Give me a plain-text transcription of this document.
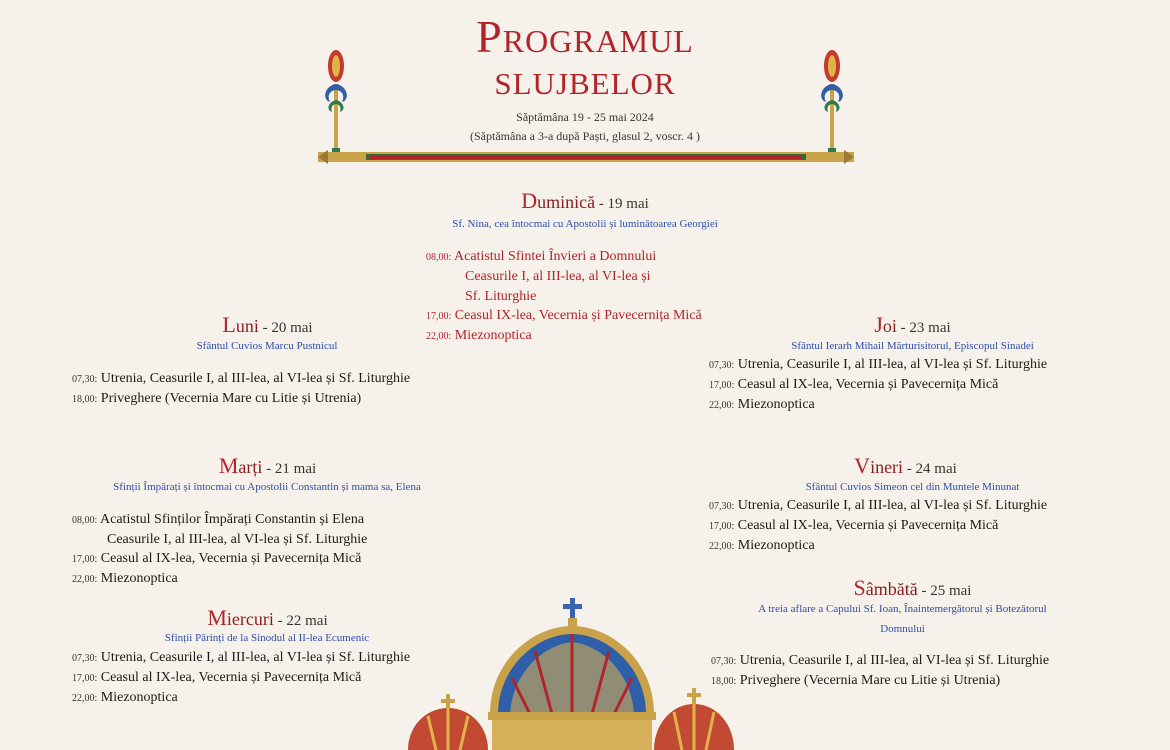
Programul
slujbelor
Săptămâna 19 - 25 mai 2024
(Săptămâna a 3-a după Paști, glasul 2, voscr. 4 )
Duminică - 19 mai
Sf. Nina, cea întocmai cu Apostolii și luminătoarea Georgiei
08,00: Acatistul Sfintei Învieri a Domnului
Ceasurile I, al III-lea, al VI-lea și
Sf. Liturghie
17,00: Ceasul IX-lea, Vecernia și Pavecernița Mică
22,00: Miezonoptica
Luni - 20 mai
Sfântul Cuvios Marcu Pustnicul
07,30: Utrenia, Ceasurile I, al III-lea, al VI-lea și Sf. Liturghie
18,00: Priveghere (Vecernia Mare cu Litie și Utrenia)
Marți - 21 mai
Sfinții Împărați și întocmai cu Apostolii Constantin și mama sa, Elena
08,00: Acatistul Sfinților Împărați Constantin și Elena
Ceasurile I, al III-lea, al VI-lea și Sf. Liturghie
17,00: Ceasul al IX-lea, Vecernia și Pavecernița Mică
22,00: Miezonoptica
Miercuri - 22 mai
Sfinții Părinți de la Sinodul al II-lea Ecumenic
07,30: Utrenia, Ceasurile I, al III-lea, al VI-lea și Sf. Liturghie
17,00: Ceasul al IX-lea, Vecernia și Pavecernița Mică
22,00: Miezonoptica
Joi - 23 mai
Sfântul Ierarh Mihail Mărturisitorul, Episcopul Sinadei
07,30: Utrenia, Ceasurile I, al III-lea, al VI-lea și Sf. Liturghie
17,00: Ceasul al IX-lea, Vecernia și Pavecernița Mică
22,00: Miezonoptica
Vineri - 24 mai
Sfântul Cuvios Simeon cel din Muntele Minunat
07,30: Utrenia, Ceasurile I, al III-lea, al VI-lea și Sf. Liturghie
17,00: Ceasul al IX-lea, Vecernia și Pavecernița Mică
22,00: Miezonoptica
Sâmbătă - 25 mai
A treia aflare a Capului Sf. Ioan, Înaintemergătorul și Botezătorul
Domnului
07,30: Utrenia, Ceasurile I, al III-lea, al VI-lea și Sf. Liturghie
18,00: Priveghere (Vecernia Mare cu Litie și Utrenia)
